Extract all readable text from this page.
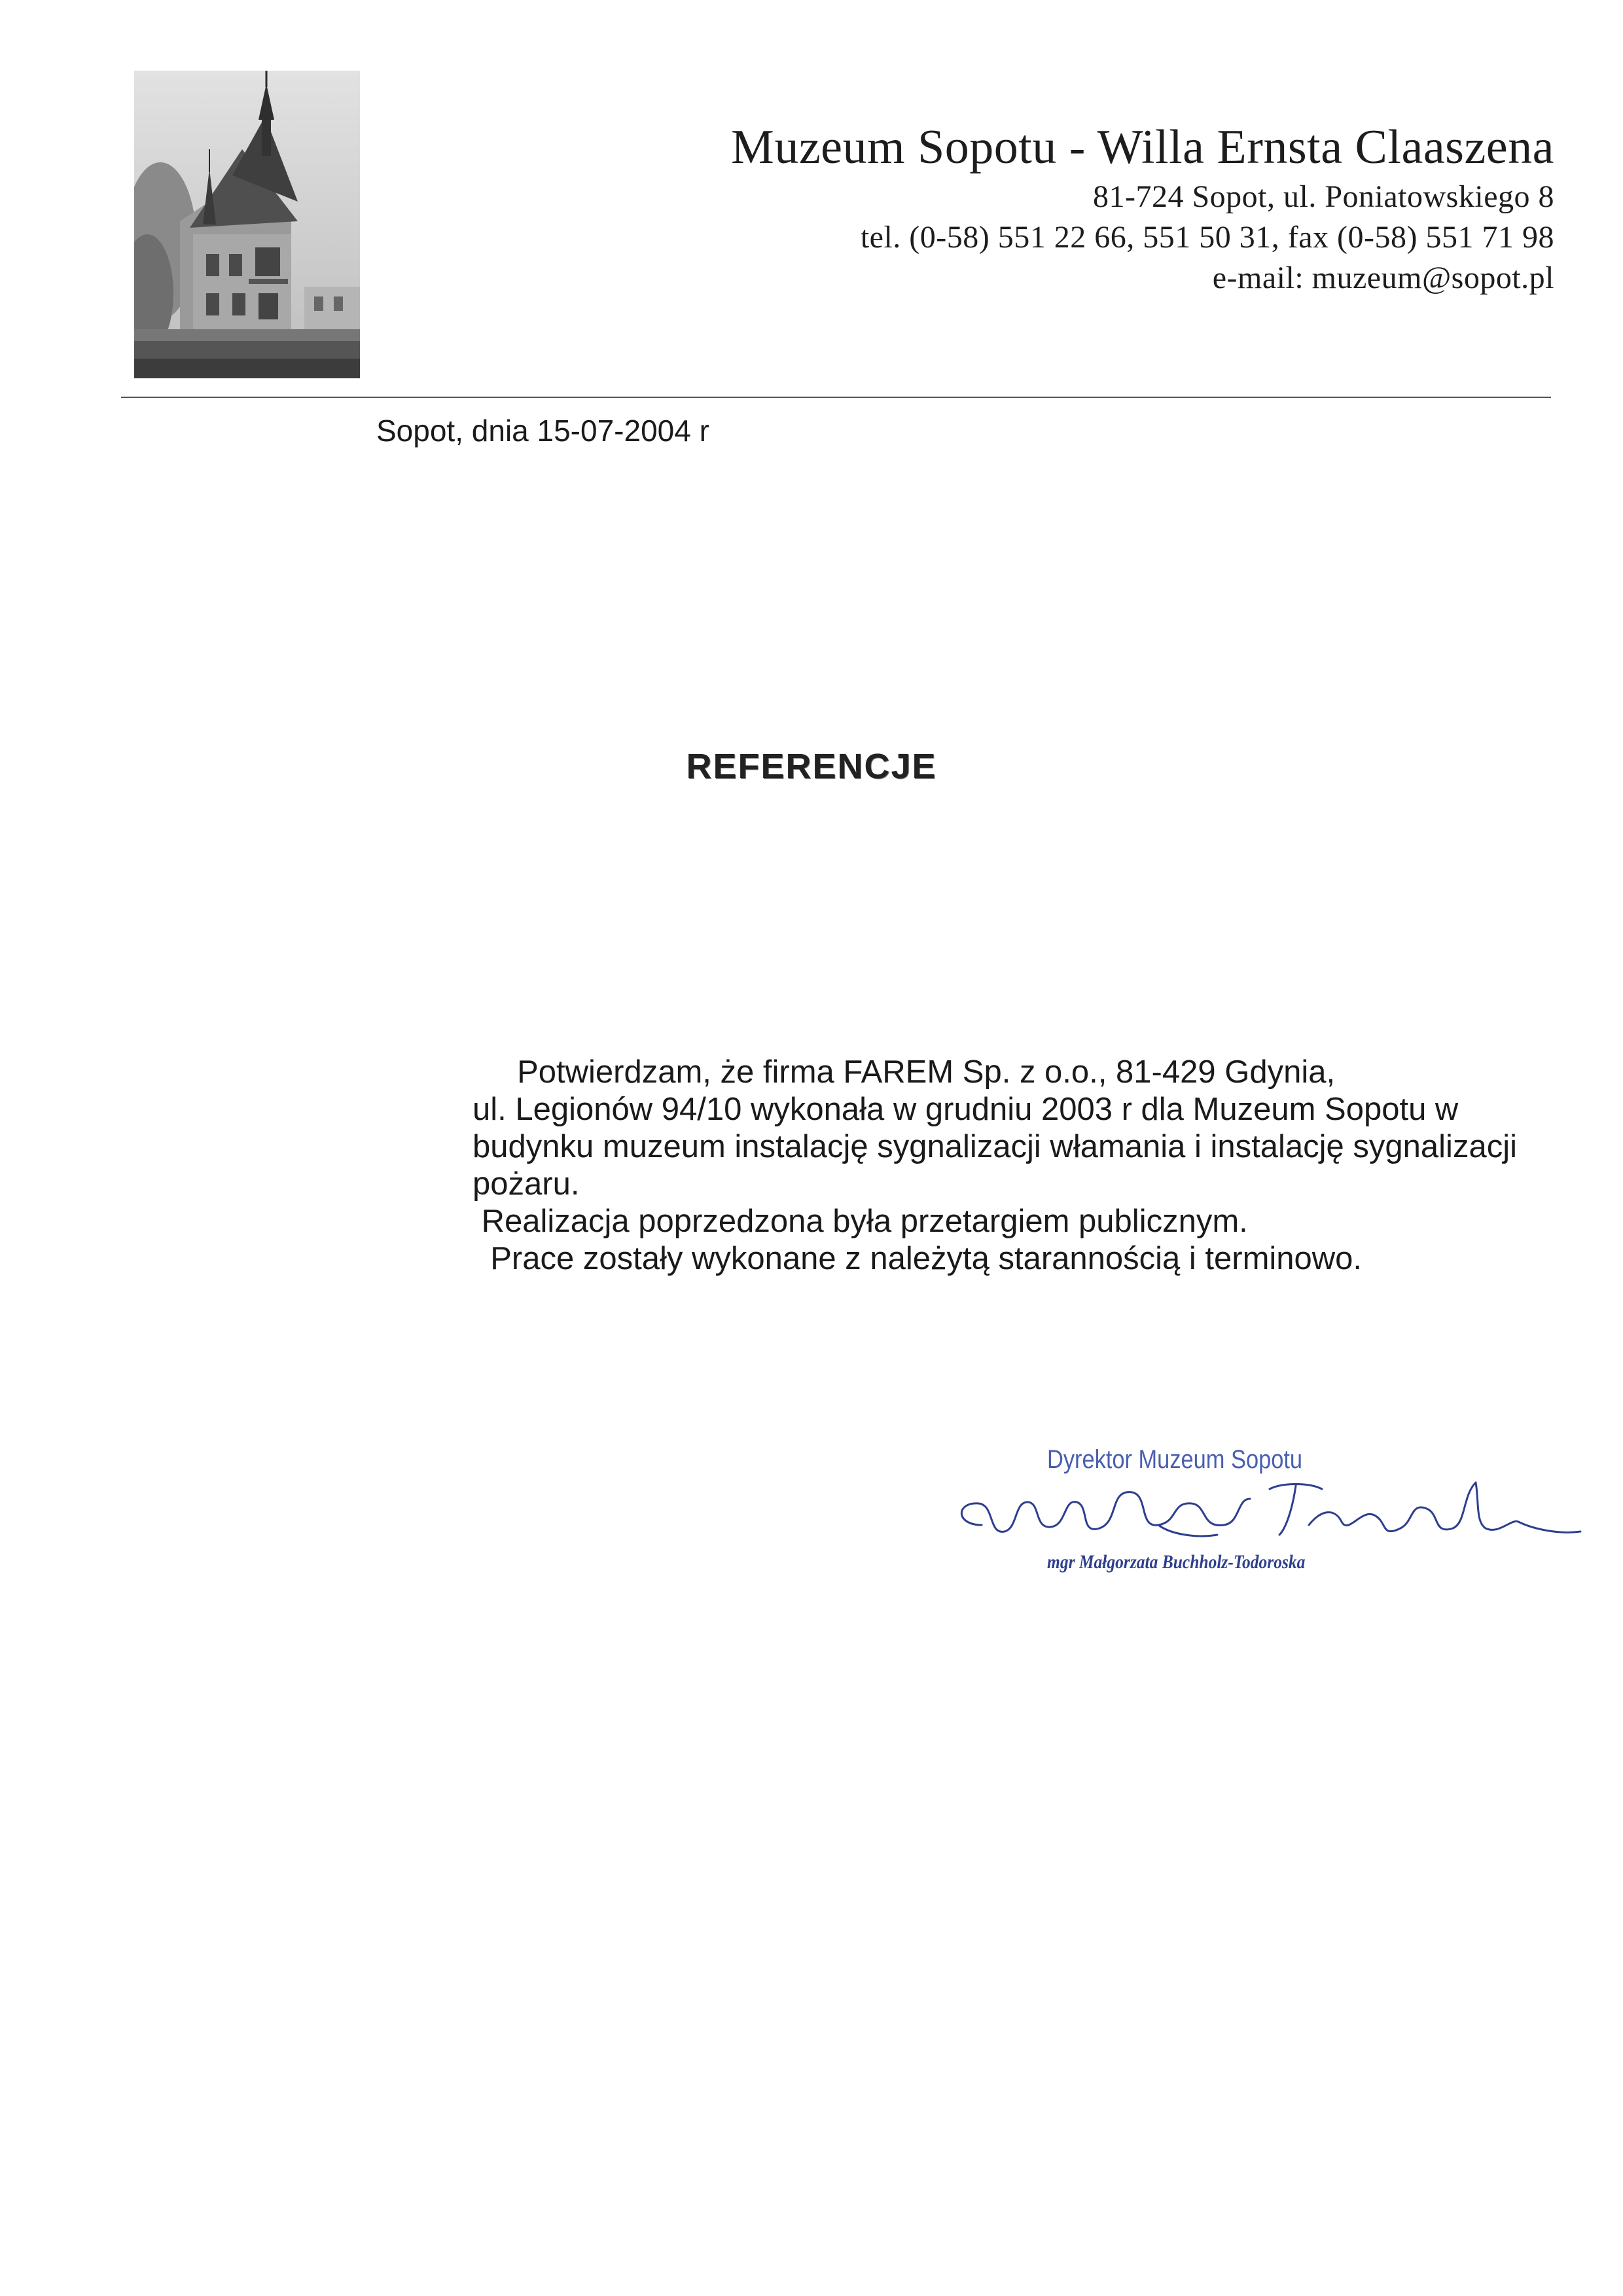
Muzeum Sopotu - Willa Ernsta Claaszena

81-724 Sopot, ul. Poniatowskiego 8

tel. (0-58) 551 22 66, 551 50 31, fax (0-58) 551 71 98

e-mail: muzeum@sopot.pl

Sopot, dnia 15-07-2004 r
REFERENCJE

Potwierdzam, że firma FAREM Sp. z o.o., 81-429 Gdynia,

ul. Legionów 94/10 wykonała w grudniu 2003 r dla Muzeum Sopotu w

budynku muzeum instalację sygnalizacji włamania i instalację sygnalizacji

pożaru.

Realizacja poprzedzona była przetargiem publicznym.

Prace zostały wykonane z należytą starannością i terminowo.

Dyrektor Muzeum Sopotu
mgr Małgorzata Buchholz-Todoroska
